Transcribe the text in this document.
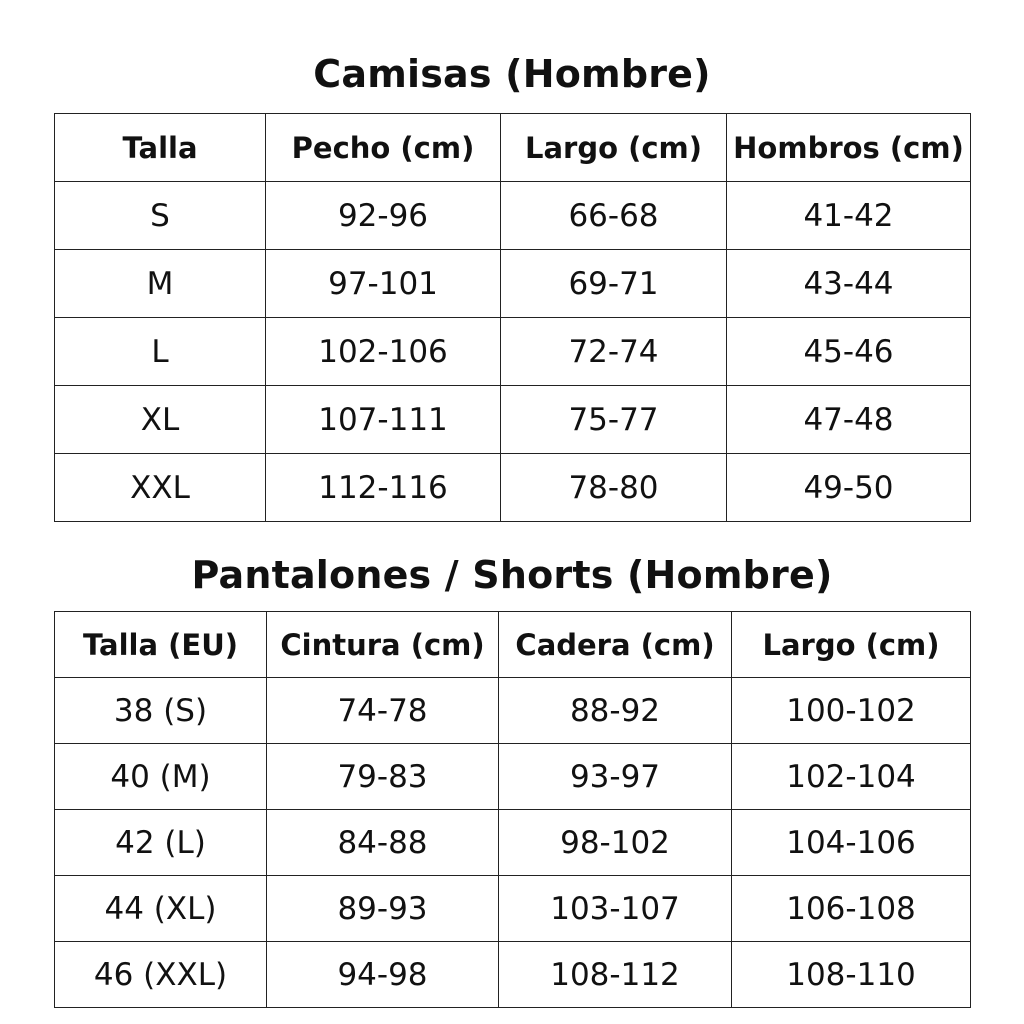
Camisas (Hombre)
Talla	Pecho (cm)	Largo (cm)	Hombros (cm)
S	92-96	66-68	41-42
M	97-101	69-71	43-44
L	102-106	72-74	45-46
XL	107-111	75-77	47-48
XXL	112-116	78-80	49-50
Pantalones / Shorts (Hombre)
Talla (EU)	Cintura (cm)	Cadera (cm)	Largo (cm)
38 (S)	74-78	88-92	100-102
40 (M)	79-83	93-97	102-104
42 (L)	84-88	98-102	104-106
44 (XL)	89-93	103-107	106-108
46 (XXL)	94-98	108-112	108-110
